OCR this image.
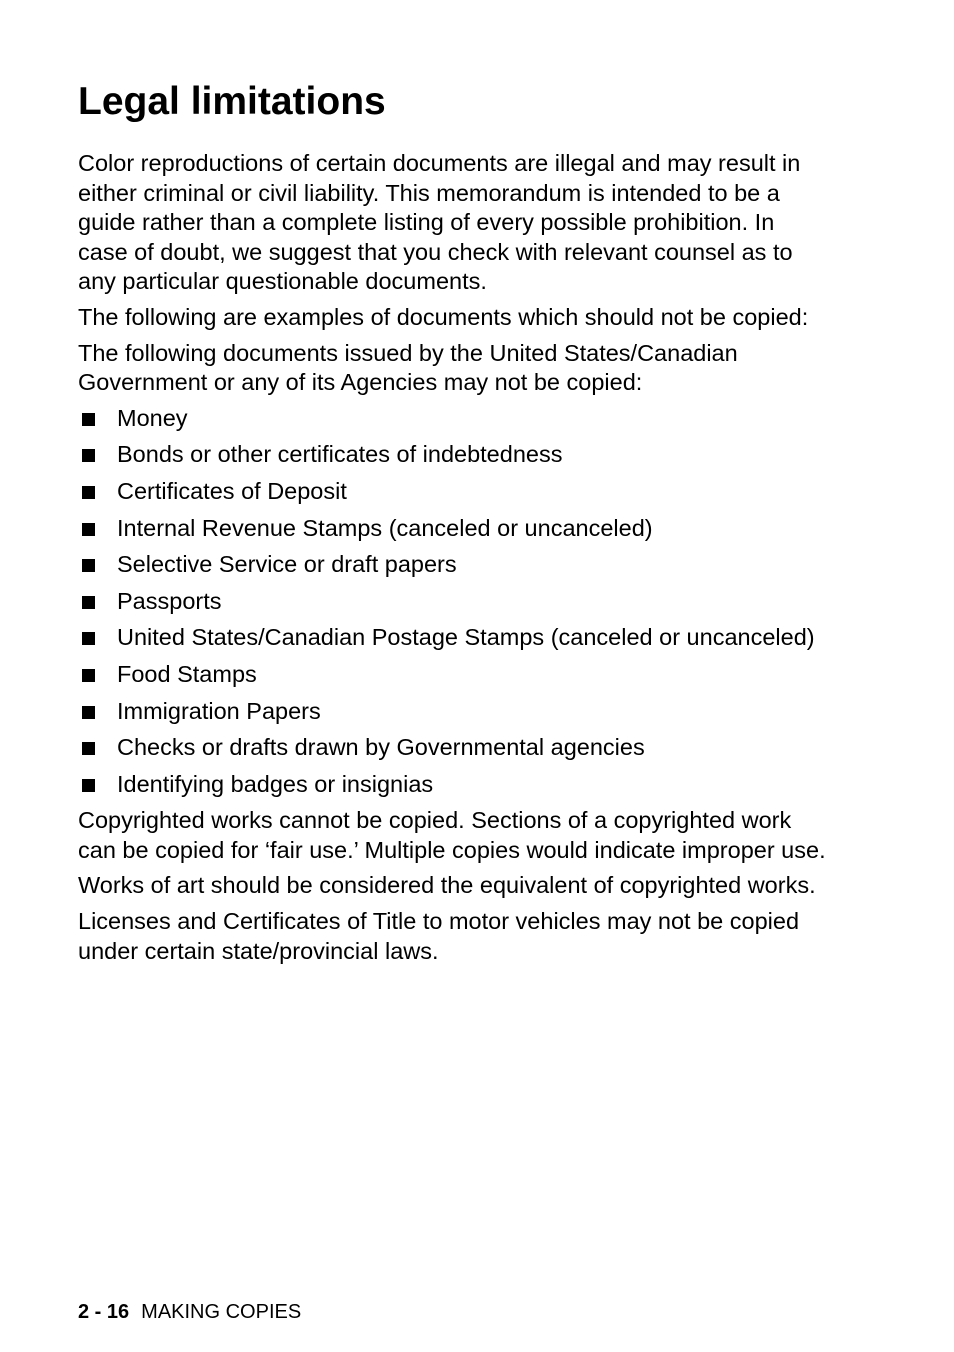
Legal limitations

Color reproductions of certain documents are illegal and may result in either criminal or civil liability. This memorandum is intended to be a guide rather than a complete listing of every possible prohibition. In case of doubt, we suggest that you check with relevant counsel as to any particular questionable documents.

The following are examples of documents which should not be copied:

The following documents issued by the United States/Canadian Government or any of its Agencies may not be copied:

Money
Bonds or other certificates of indebtedness
Certificates of Deposit
Internal Revenue Stamps (canceled or uncanceled)
Selective Service or draft papers
Passports
United States/Canadian Postage Stamps (canceled or uncanceled)
Food Stamps
Immigration Papers
Checks or drafts drawn by Governmental agencies
Identifying badges or insignias

Copyrighted works cannot be copied. Sections of a copyrighted work can be copied for ‘fair use.’ Multiple copies would indicate improper use.

Works of art should be considered the equivalent of copyrighted works.

Licenses and Certificates of Title to motor vehicles may not be copied under certain state/provincial laws.

2 - 16 MAKING COPIES
